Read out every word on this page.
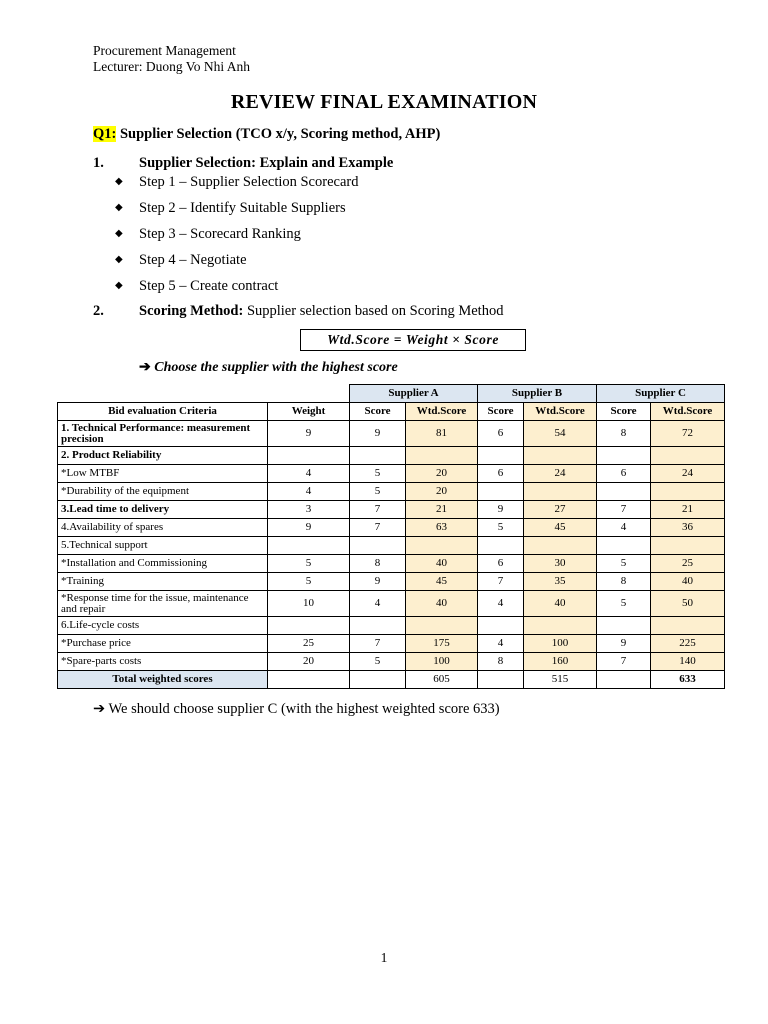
Procurement Management
Lecturer: Duong Vo Nhi Anh
REVIEW FINAL EXAMINATION
Q1: Supplier Selection (TCO x/y, Scoring method, AHP)
1. Supplier Selection: Explain and Example
◆ Step 1 – Supplier Selection Scorecard
◆ Step 2 – Identify Suitable Suppliers
◆ Step 3 – Scorecard Ranking
◆ Step 4 – Negotiate
◆ Step 5 – Create contract
2. Scoring Method: Supplier selection based on Scoring Method
Wtd.Score = Weight × Score
➔ Choose the supplier with the highest score
		Supplier A		Supplier B		Supplier C	
Bid evaluation Criteria	Weight	Score	Wtd.Score	Score	Wtd.Score	Score	Wtd.Score
1. Technical Performance: measurement precision	9	9	81	6	54	8	72
2. Product Reliability							
*Low MTBF	4	5	20	6	24	6	24
*Durability of the equipment	4	5	20				
3.Lead time to delivery	3	7	21	9	27	7	21
4.Availability of spares	9	7	63	5	45	4	36
5.Technical support							
*Installation and Commissioning	5	8	40	6	30	5	25
*Training	5	9	45	7	35	8	40
*Response time for the issue, maintenance and repair	10	4	40	4	40	5	50
6.Life-cycle costs							
*Purchase price	25	7	175	4	100	9	225
*Spare-parts costs	20	5	100	8	160	7	140
Total weighted scores			605		515		633
➔ We should choose supplier C (with the highest weighted score 633)
1
